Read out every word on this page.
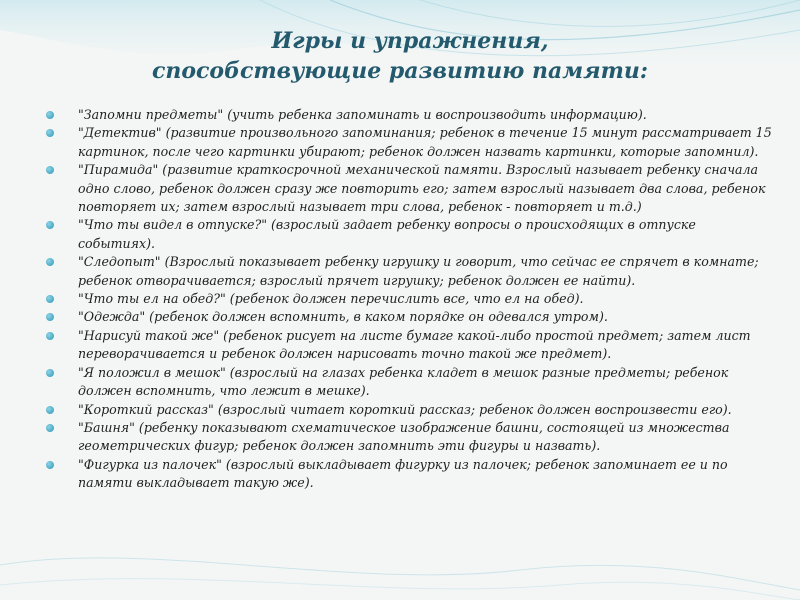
Игры и упражнения,
способствующие развитию памяти:
"Запомни предметы" (учить ребенка запоминать и воспроизводить информацию).
"Детектив" (развитие произвольного запоминания; ребенок в течение 15 минут рассматривает 15 картинок, после чего картинки убирают; ребенок должен назвать картинки, которые запомнил).
"Пирамида" (развитие краткосрочной механической памяти. Взрослый называет ребенку сначала одно слово, ребенок должен сразу же повторить его; затем взрослый называет два слова, ребенок повторяет их; затем взрослый называет три слова, ребенок - повторяет и т.д.)
"Что ты видел в отпуске?" (взрослый задает ребенку вопросы о происходящих в отпуске событиях).
"Следопыт" (Взрослый показывает ребенку игрушку и говорит, что сейчас ее спрячет в комнате; ребенок отворачивается; взрослый прячет игрушку; ребенок должен ее найти).
"Что ты ел на обед?" (ребенок должен перечислить все, что ел на обед).
"Одежда" (ребенок должен вспомнить, в каком порядке он одевался утром).
"Нарисуй такой же" (ребенок рисует на листе бумаге какой-либо простой предмет; затем лист переворачивается и ребенок должен нарисовать точно такой же предмет).
"Я положил в мешок" (взрослый на глазах ребенка кладет в мешок разные предметы; ребенок должен вспомнить, что лежит в мешке).
"Короткий рассказ" (взрослый читает короткий рассказ; ребенок должен воспроизвести его).
"Башня" (ребенку показывают схематическое изображение башни, состоящей из множества геометрических фигур; ребенок должен запомнить эти фигуры и назвать).
"Фигурка из палочек" (взрослый выкладывает фигурку из палочек; ребенок запоминает ее и по памяти выкладывает такую же).
